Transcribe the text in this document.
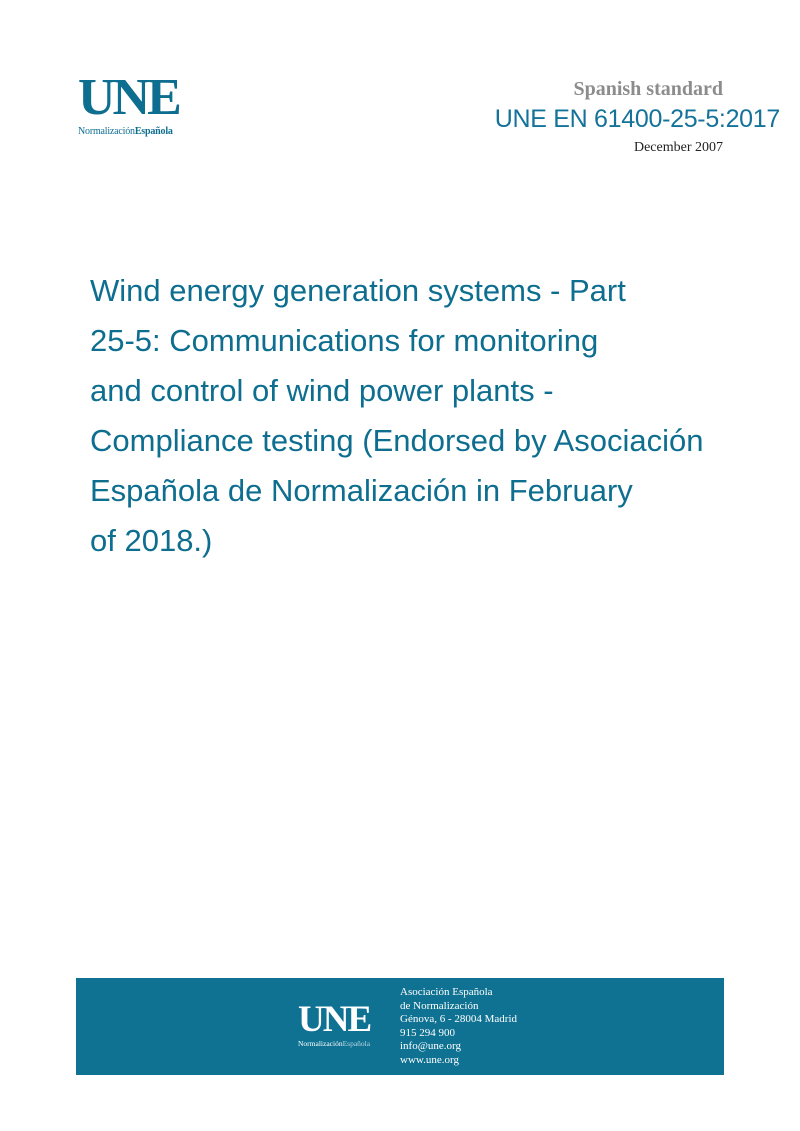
UNE
NormalizaciónEspañola
Spanish standard
UNE EN 61400-25-5:2017
December 2007
Wind energy generation systems - Part
25-5: Communications for monitoring
and control of wind power plants -
Compliance testing (Endorsed by Asociación
Española de Normalización in February
of 2018.)
UNE
NormalizaciónEspañola
Asociación Española
de Normalización
Génova, 6 - 28004 Madrid
915 294 900
info@une.org
www.une.org
